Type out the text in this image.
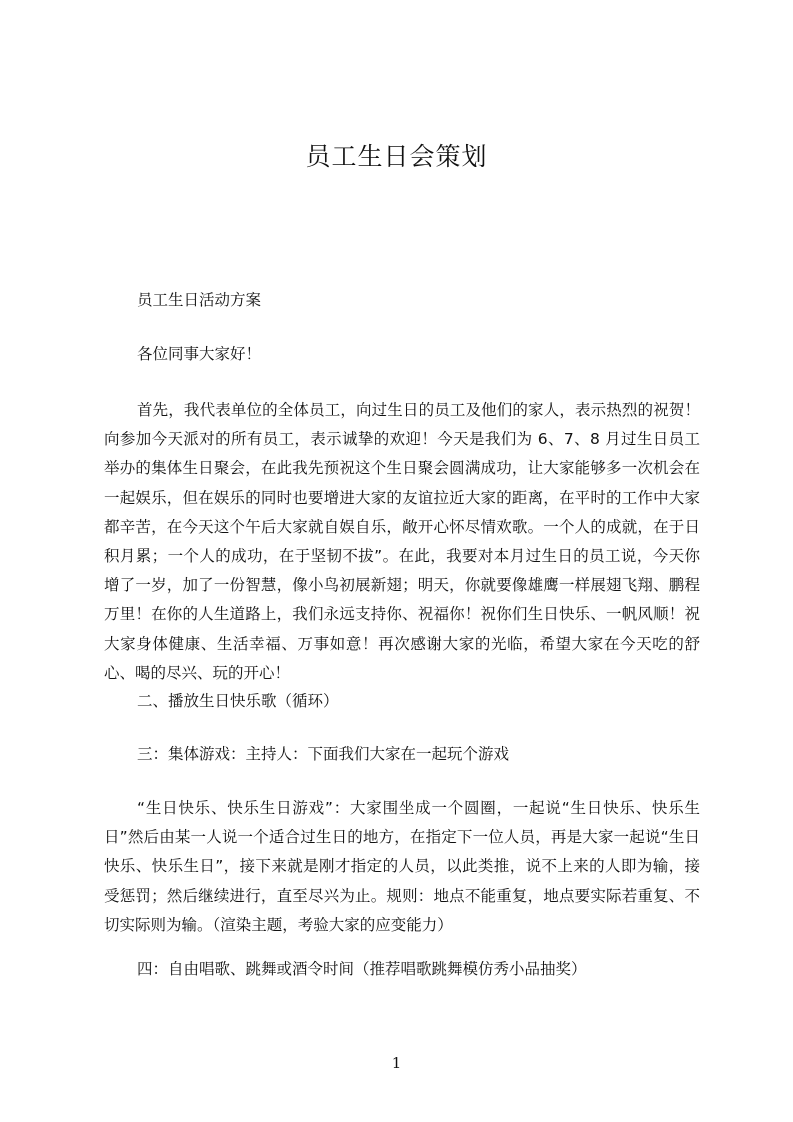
员工生日会策划
员工生日活动方案
各位同事大家好！

首先，我代表单位的全体员工，向过生日的员工及他们的家人，表示热烈的祝贺！向参加今天派对的所有员工，表示诚挚的欢迎！今天是我们为 6、7、8 月过生日员工举办的集体生日聚会，在此我先预祝这个生日聚会圆满成功，让大家能够多一次机会在一起娱乐，但在娱乐的同时也要增进大家的友谊拉近大家的距离，在平时的工作中大家都辛苦，在今天这个午后大家就自娱自乐，敞开心怀尽情欢歌。一个人的成就，在于日积月累；一个人的成功，在于坚韧不拔”。在此，我要对本月过生日的员工说，今天你增了一岁，加了一份智慧，像小鸟初展新翅；明天，你就要像雄鹰一样展翅飞翔、鹏程万里！在你的人生道路上，我们永远支持你、祝福你！祝你们生日快乐、一帆风顺！祝大家身体健康、生活幸福、万事如意！再次感谢大家的光临，希望大家在今天吃的舒心、喝的尽兴、玩的开心！

二、播放生日快乐歌（循环）
三：集体游戏：主持人：下面我们大家在一起玩个游戏

“生日快乐、快乐生日游戏”：大家围坐成一个圆圈，一起说“生日快乐、快乐生日”然后由某一人说一个适合过生日的地方，在指定下一位人员，再是大家一起说“生日快乐、快乐生日”，接下来就是刚才指定的人员，以此类推，说不上来的人即为输，接受惩罚；然后继续进行，直至尽兴为止。规则：地点不能重复，地点要实际若重复、不切实际则为输。（渲染主题，考验大家的应变能力）

四：自由唱歌、跳舞或酒令时间（推荐唱歌跳舞模仿秀小品抽奖）
1
